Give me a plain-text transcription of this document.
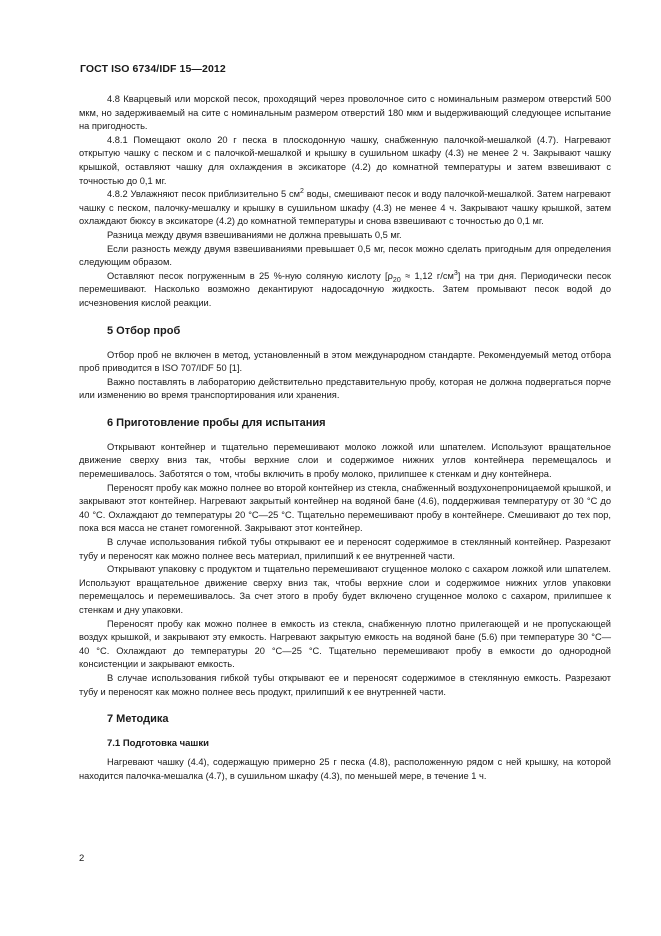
ГОСТ ISO 6734/IDF 15—2012

4.8 Кварцевый или морской песок, проходящий через проволочное сито с номинальным размером отверстий 500 мкм, но задерживаемый на сите с номинальным размером отверстий 180 мкм и выдерживающий следующее испытание на пригодность.

4.8.1 Помещают около 20 г песка в плоскодонную чашку, снабженную палочкой-мешалкой (4.7). Нагревают открытую чашку с песком и с палочкой-мешалкой и крышку в сушильном шкафу (4.3) не менее 2 ч. Закрывают чашку крышкой, оставляют чашку для охлаждения в эксикаторе (4.2) до комнатной температуры и затем взвешивают с точностью до 0,1 мг.

4.8.2 Увлажняют песок приблизительно 5 $см^2$ воды, смешивают песок и воду палочкой-мешалкой. Затем нагревают чашку с песком, палочку-мешалку и крышку в сушильном шкафу (4.3) не менее 4 ч. Закрывают чашку крышкой, затем охлаждают бюксу в эксикаторе (4.2) до комнатной температуры и снова взвешивают с точностью до 0,1 мг.

Разница между двумя взвешиваниями не должна превышать 0,5 мг.

Если разность между двумя взвешиваниями превышает 0,5 мг, песок можно сделать пригодным для определения следующим образом.

Оставляют песок погруженным в 25 %-ную соляную кислоту [$\rho_{20} \approx 1,12$ $г/см^3$] на три дня. Периодически песок перемешивают. Насколько возможно декантируют надосадочную жидкость. Затем промывают песок водой до исчезновения кислой реакции.

5 Отбор проб

Отбор проб не включен в метод, установленный в этом международном стандарте. Рекомендуемый метод отбора проб приводится в ISO 707/IDF 50 [1].

Важно поставлять в лабораторию действительно представительную пробу, которая не должна подвергаться порче или изменению во время транспортирования или хранения.

6 Приготовление пробы для испытания

Открывают контейнер и тщательно перемешивают молоко ложкой или шпателем. Используют вращательное движение сверху вниз так, чтобы верхние слои и содержимое нижних углов контейнера перемещалось и перемешивалось. Заботятся о том, чтобы включить в пробу молоко, прилипшее к стенкам и дну контейнера.

Переносят пробу как можно полнее во второй контейнер из стекла, снабженный воздухонепроницаемой крышкой, и закрывают этот контейнер. Нагревают закрытый контейнер на водяной бане (4.6), поддерживая температуру от 30 °С до 40 °С. Охлаждают до температуры 20 °С—25 °С. Тщательно перемешивают пробу в контейнере. Смешивают до тех пор, пока вся масса не станет гомогенной. Закрывают этот контейнер.

В случае использования гибкой тубы открывают ее и переносят содержимое в стеклянный контейнер. Разрезают тубу и переносят как можно полнее весь материал, прилипший к ее внутренней части.

Открывают упаковку с продуктом и тщательно перемешивают сгущенное молоко с сахаром ложкой или шпателем. Используют вращательное движение сверху вниз так, чтобы верхние слои и содержимое нижних углов упаковки перемещалось и перемешивалось. За счет этого в пробу будет включено сгущенное молоко с сахаром, прилипшее к стенкам и дну упаковки.

Переносят пробу как можно полнее в емкость из стекла, снабженную плотно прилегающей и не пропускающей воздух крышкой, и закрывают эту емкость. Нагревают закрытую емкость на водяной бане (5.6) при температуре 30 °С—40 °С. Охлаждают до температуры 20 °С—25 °С. Тщательно перемешивают пробу в емкости до однородной консистенции и закрывают емкость.

В случае использования гибкой тубы открывают ее и переносят содержимое в стеклянную емкость. Разрезают тубу и переносят как можно полнее весь продукт, прилипший к ее внутренней части.

7 Методика
7.1 Подготовка чашки

Нагревают чашку (4.4), содержащую примерно 25 г песка (4.8), расположенную рядом с ней крышку, на которой находится палочка-мешалка (4.7), в сушильном шкафу (4.3), по меньшей мере, в течение 1 ч.

2
